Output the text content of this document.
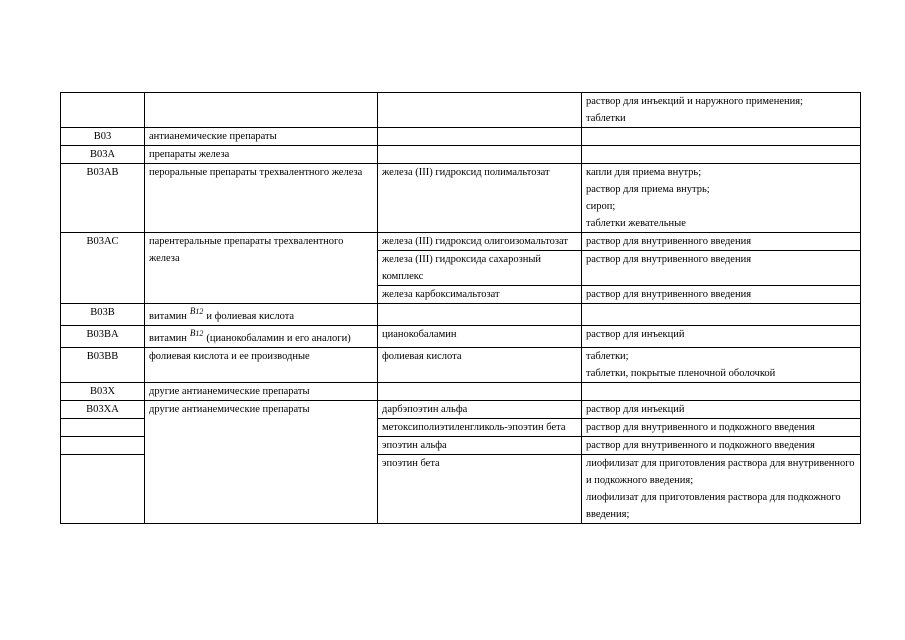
			раствор для инъекций и наружного применения;
таблетки

B03	антианемические препараты		
B03A	препараты железа		
B03AB	пероральные препараты трехвалентного железа	железа (III) гидроксид полимальтозат	капли для приема внутрь;
раствор для приема внутрь;
сироп;
таблетки жевательные

B03AC	парентеральные препараты трехвалентного железа	железа (III) гидроксид олигоизомальтозат	раствор для внутривенного введения
		железа (III) гидроксида сахарозный комплекс	раствор для внутривенного введения
		железа карбоксимальтозат	раствор для внутривенного введения
B03B	витамин B12 и фолиевая кислота		
B03BA	витамин B12 (цианокобаламин и его аналоги)	цианокобаламин	раствор для инъекций

B03BB	фолиевая кислота и ее производные	фолиевая кислота	таблетки;
таблетки, покрытые пленочной оболочкой

B03X	другие антианемические препараты		
B03XA	другие антианемические препараты	дарбэпоэтин альфа	раствор для инъекций

		метоксиполиэтиленгликоль-эпоэтин бета	раствор для внутривенного и подкожного введения

		эпоэтин альфа	раствор для внутривенного и подкожного введения

		эпоэтин бета	лиофилизат для приготовления раствора для внутривенного и подкожного введения;
лиофилизат для приготовления раствора для подкожного введения;
